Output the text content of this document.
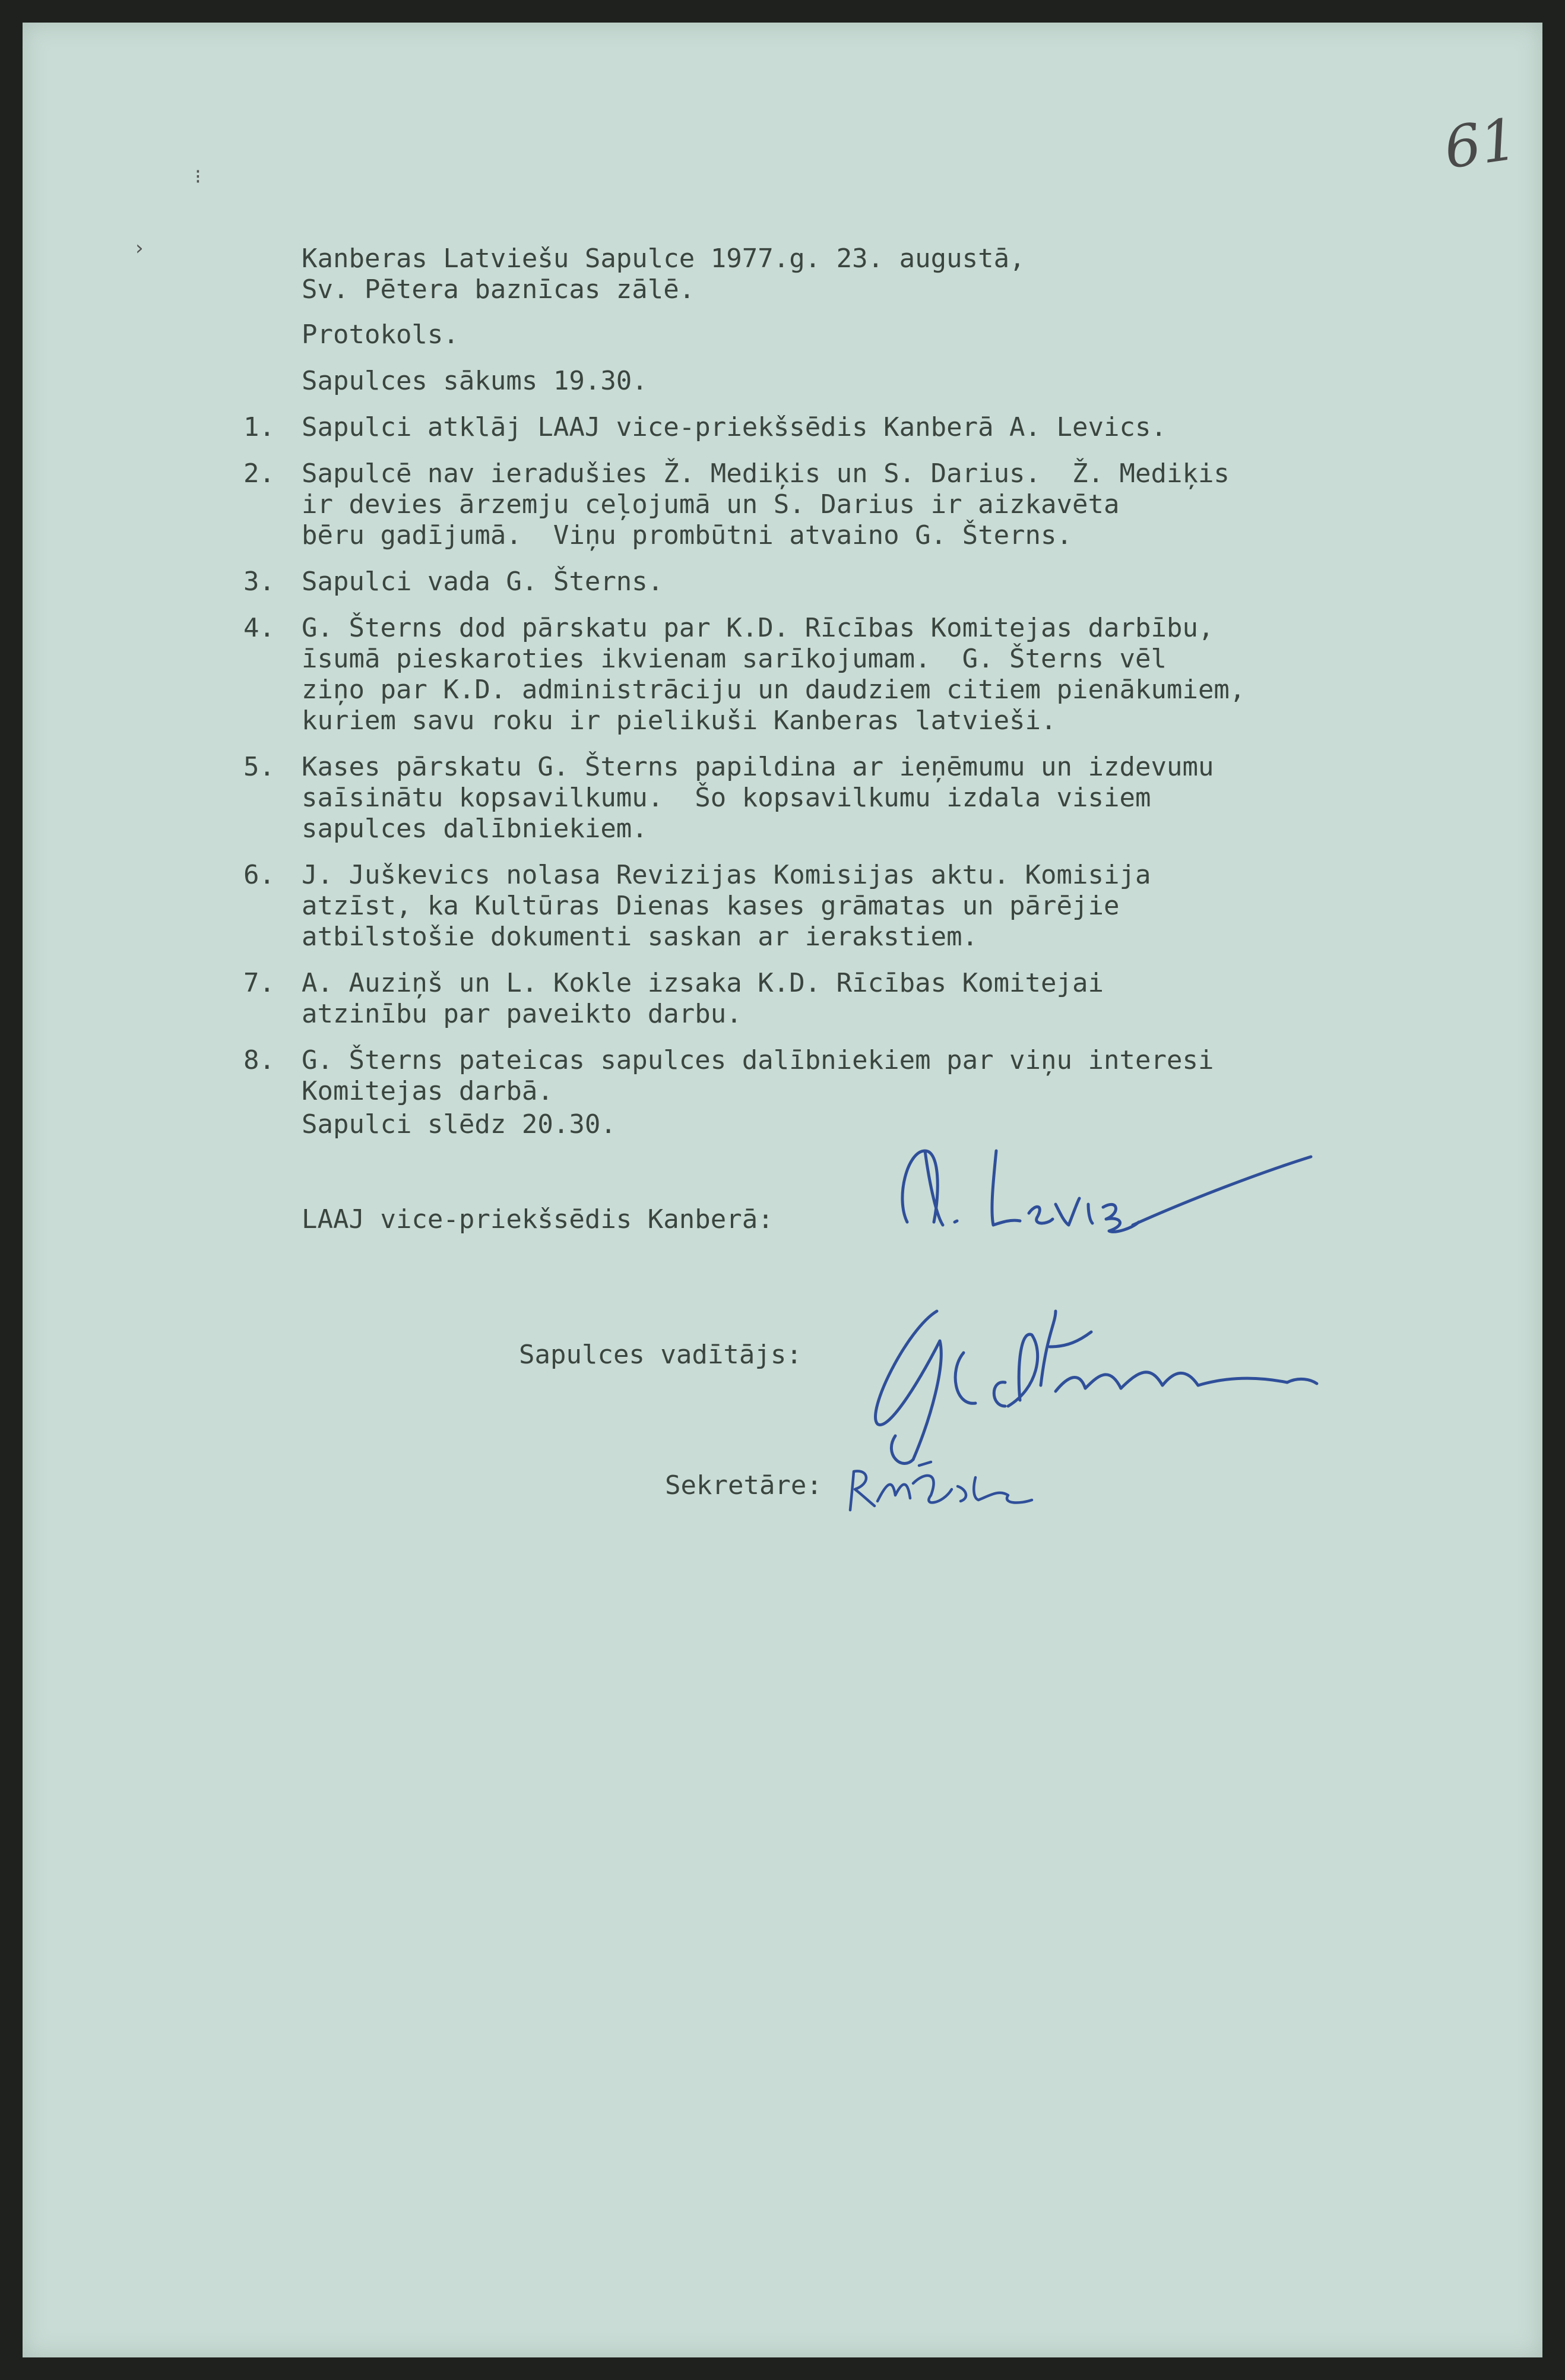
61
⁝
›	Kanberas Latviešu Sapulce 1977.g. 23. augustā,
Sv. Pētera baznīcas zālē.
Protokols.
Sapulces sākums 19.30.
1. Sapulci atklāj LAAJ vice-priekšsēdis Kanberā A. Levics.
2. Sapulcē nav ieradušies Ž. Mediķis un S. Darius.  Ž. Mediķis
ir devies ārzemju ceļojumā un S. Darius ir aizkavēta
bēru gadījumā.  Viņu prombūtni atvaino G. Šterns.
3. Sapulci vada G. Šterns.
4. G. Šterns dod pārskatu par K.D. Rīcības Komitejas darbību,
īsumā pieskaroties ikvienam sarīkojumam.  G. Šterns vēl
ziņo par K.D. administrāciju un daudziem citiem pienākumiem,
kuriem savu roku ir pielikuši Kanberas latvieši.
5. Kases pārskatu G. Šterns papildina ar ieņēmumu un izdevumu
saīsinātu kopsavilkumu.  Šo kopsavilkumu izdala visiem
sapulces dalībniekiem.
6. J. Juškevics nolasa Revizijas Komisijas aktu. Komisija
atzīst, ka Kultūras Dienas kases grāmatas un pārējie
atbilstošie dokumenti saskan ar ierakstiem.
7. A. Auziņš un L. Kokle izsaka K.D. Rīcības Komitejai
atzinību par paveikto darbu.
8. G. Šterns pateicas sapulces dalībniekiem par viņu interesi
Komitejas darbā.
Sapulci slēdz 20.30.
LAAJ vice-priekšsēdis Kanberā:
Sapulces vadītājs:
Sekretāre:
